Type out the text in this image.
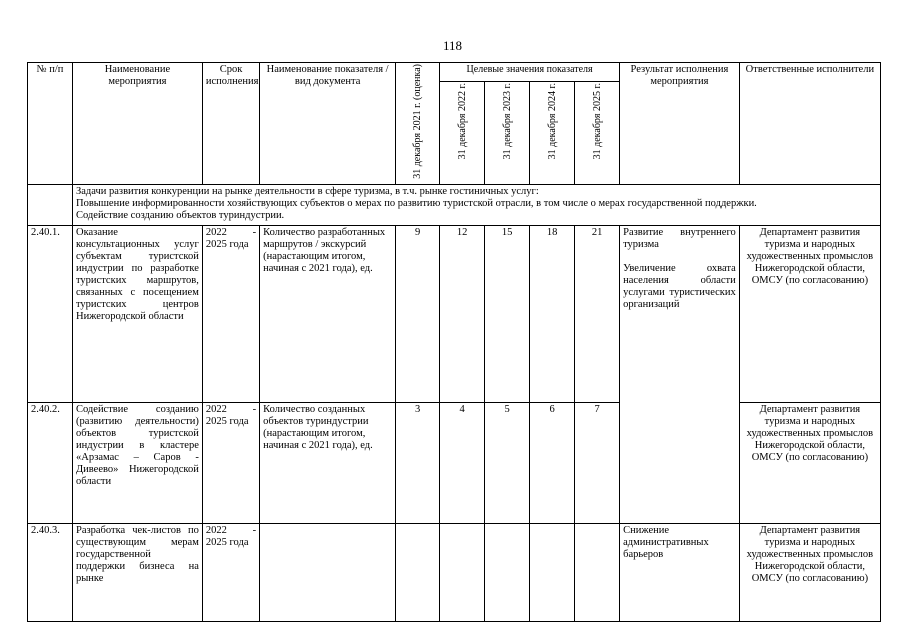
118
№ п/п	Наименование мероприятия	Срок исполнения	Наименование показателя / вид документа	31 декабря 2021 г. (оценка)	Целевые значения показателя				Результат исполнения мероприятия	Ответственные исполнители
					31 декабря 2022 г.	31 декабря 2023 г.	31 декабря 2024 г.	31 декабря 2025 г.		

	Задачи развития конкуренции на рынке деятельности в сфере туризма, в т.ч. рынке гостиничных услуг:
Повышение информированности хозяйствующих субъектов о мерах по развитию туристской отрасли, в том числе о мерах государственной поддержки.
Содействие созданию объектов туриндустрии.									

2.40.1.	Оказание консультационных услуг субъектам туристской индустрии по разработке туристских маршрутов, связанных с посещением туристских центров Нижегородской области	2022 - 2025 года	Количество разработанных маршрутов / экскурсий (нарастающим итогом, начиная с 2021 года), ед.	9	12	15	18	21	Развитие внутреннего туризма
Увеличение охвата населения области услугами туристических организаций	Департамент развития туризма и народных художественных промыслов Нижегородской области, ОМСУ (по согласованию)
2.40.2.	Содействие созданию (развитию деятельности) объектов туристской индустрии в кластере «Арзамас – Саров - Дивеево» Нижегородской области	2022 - 2025 года	Количество созданных объектов туриндустрии (нарастающим итогом, начиная с 2021 года), ед.	3	4	5	6	7		Департамент развития туризма и народных художественных промыслов Нижегородской области, ОМСУ (по согласованию)
2.40.3.	Разработка чек-листов по существующим мерам государственной поддержки бизнеса на рынке	2022 - 2025 года							Снижение административных барьеров	Департамент развития туризма и народных художественных промыслов Нижегородской области, ОМСУ (по согласованию)
